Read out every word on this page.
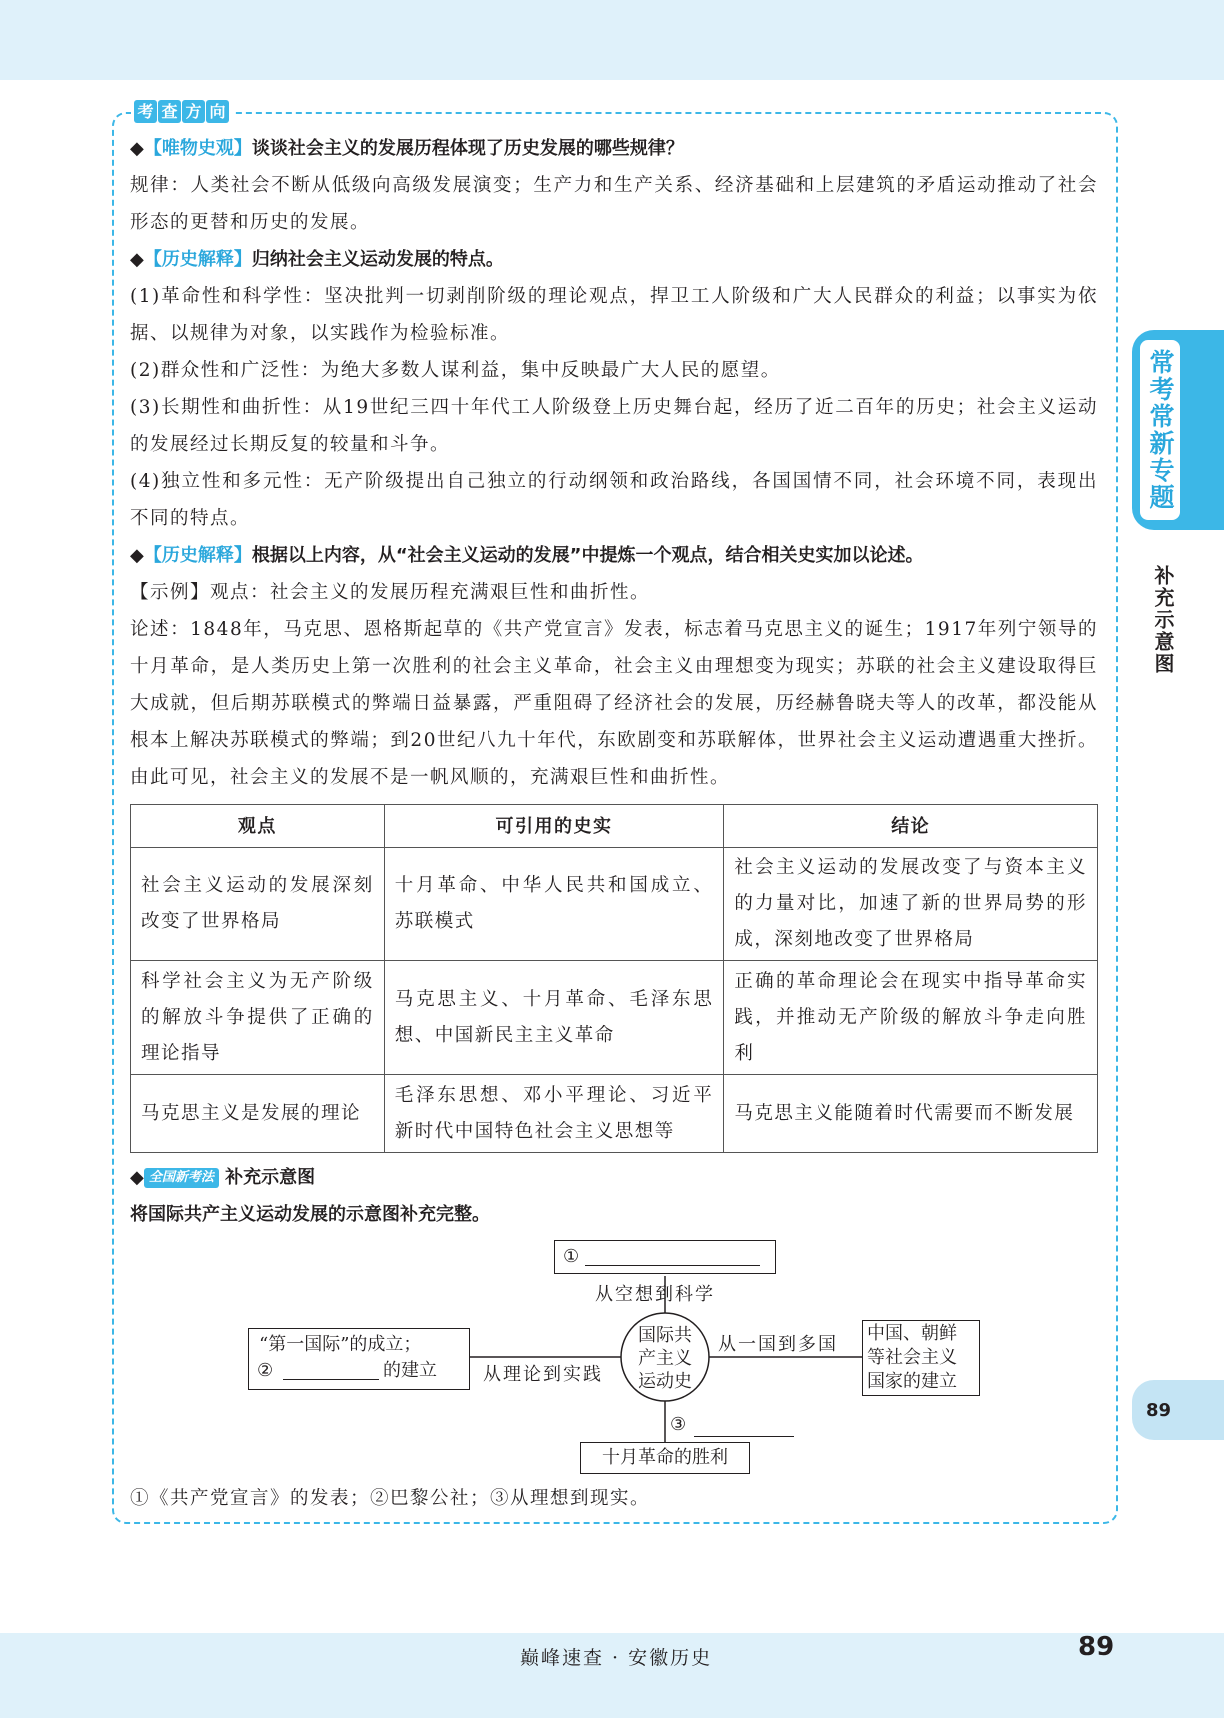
常考常新专题
补充示意图
89
考 查 方 向

◆【唯物史观】谈谈社会主义的发展历程体现了历史发展的哪些规律？

规律：人类社会不断从低级向高级发展演变；生产力和生产关系、经济基础和上层建筑的矛盾运动推动了社会形态的更替和历史的发展。

◆【历史解释】归纳社会主义运动发展的特点。

(1)革命性和科学性：坚决批判一切剥削阶级的理论观点，捍卫工人阶级和广大人民群众的利益；以事实为依据、以规律为对象，以实践作为检验标准。

(2)群众性和广泛性：为绝大多数人谋利益，集中反映最广大人民的愿望。

(3)长期性和曲折性：从19世纪三四十年代工人阶级登上历史舞台起，经历了近二百年的历史；社会主义运动的发展经过长期反复的较量和斗争。

(4)独立性和多元性：无产阶级提出自己独立的行动纲领和政治路线，各国国情不同，社会环境不同，表现出不同的特点。

◆【历史解释】根据以上内容，从“社会主义运动的发展”中提炼一个观点，结合相关史实加以论述。

【示例】观点：社会主义的发展历程充满艰巨性和曲折性。

论述：1848年，马克思、恩格斯起草的《共产党宣言》发表，标志着马克思主义的诞生；1917年列宁领导的十月革命，是人类历史上第一次胜利的社会主义革命，社会主义由理想变为现实；苏联的社会主义建设取得巨大成就，但后期苏联模式的弊端日益暴露，严重阻碍了经济社会的发展，历经赫鲁晓夫等人的改革，都没能从根本上解决苏联模式的弊端；到20世纪八九十年代，东欧剧变和苏联解体，世界社会主义运动遭遇重大挫折。由此可见，社会主义的发展不是一帆风顺的，充满艰巨性和曲折性。

观点	可引用的史实	结论
社会主义运动的发展深刻改变了世界格局	十月革命、中华人民共和国成立、苏联模式	社会主义运动的发展改变了与资本主义的力量对比，加速了新的世界局势的形成，深刻地改变了世界格局
科学社会主义为无产阶级的解放斗争提供了正确的理论指导	马克思主义、十月革命、毛泽东思想、中国新民主主义革命	正确的革命理论会在现实中指导革命实践，并推动无产阶级的解放斗争走向胜利
马克思主义是发展的理论	毛泽东思想、邓小平理论、习近平新时代中国特色社会主义思想等	马克思主义能随着时代需要而不断发展

◆ 全国新考法 补充示意图

将国际共产主义运动发展的示意图补充完整。

①
从空想到科学
“第一国际”的成立；
②	的建立	从理论到实践
国际共
产主义
运动史
从一国到多国
中国、朝鲜
等社会主义
国家的建立
③
十月革命的胜利
①《共产党宣言》的发表；②巴黎公社；③从理想到现实。
巅峰速查 · 安徽历史	89
